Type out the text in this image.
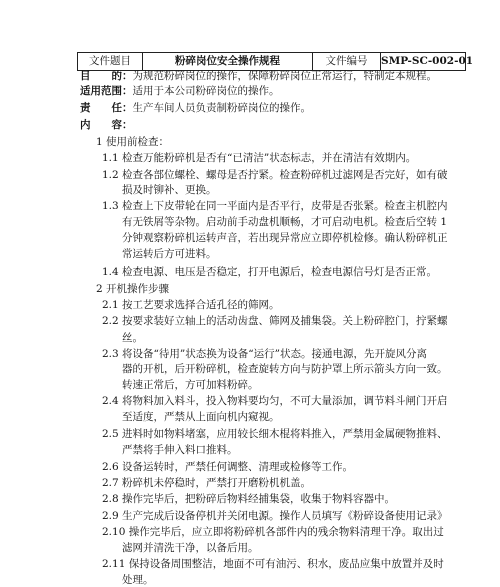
文件题目	粉碎岗位安全操作规程	文件编号	SMP-SC-002-01
目　　的：为规范粉碎岗位的操作，保障粉碎岗位正常运行，特制定本规程。
适用范围：适用于本公司粉碎岗位的操作。
责　　任：生产车间人员负责制粉碎岗位的操作。
内　　容：
1 使用前检查：
1.1 检查万能粉碎机是否有“已清洁”状态标志，并在清洁有效期内。
1.2 检查各部位螺栓、螺母是否拧紧。检查粉碎机过滤网是否完好，如有破
损及时铆补、更换。
1.3 检查上下皮带轮在同一平面内是否平行，皮带是否张紧。检查主机腔内
有无铁屑等杂物。启动前手动盘机顺畅，才可启动电机。检查后空转 1
分钟观察粉碎机运转声音，若出现异常应立即停机检修。确认粉碎机正
常运转后方可进料。
1.4 检查电源、电压是否稳定，打开电源后，检查电源信号灯是否正常。
2 开机操作步骤
2.1 按工艺要求选择合适孔径的筛网。
2.2 按要求装好立轴上的活动齿盘、筛网及捕集袋。关上粉碎腔门，拧紧螺
丝。
2.3 将设备“待用”状态换为设备“运行”状态。接通电源，先开旋风分离
器的开机，后开粉碎机，检查旋转方向与防护罩上所示箭头方向一致。
转速正常后，方可加料粉碎。
2.4 将物料加入料斗，投入物料要均匀，不可大量添加，调节料斗闸门开启
至适度，严禁从上面向机内窥视。
2.5 进料时如物料堵塞，应用较长细木棍将料推入，严禁用金属硬物推料、
严禁将手伸入料口推料。
2.6 设备运转时，严禁任何调整、清理或检修等工作。
2.7 粉碎机未停稳时，严禁打开磨粉机机盖。
2.8 操作完毕后，把粉碎后物料经捕集袋，收集于物料容器中。
2.9 生产完成后设备停机并关闭电源。操作人员填写《粉碎设备使用记录》
2.10 操作完毕后，应立即将粉碎机各部件内的残余物料清理干净。取出过
滤网并清洗干净，以备后用。
2.11 保持设备周围整洁，地面不可有油污、积水，废品应集中放置并及时
处理。
